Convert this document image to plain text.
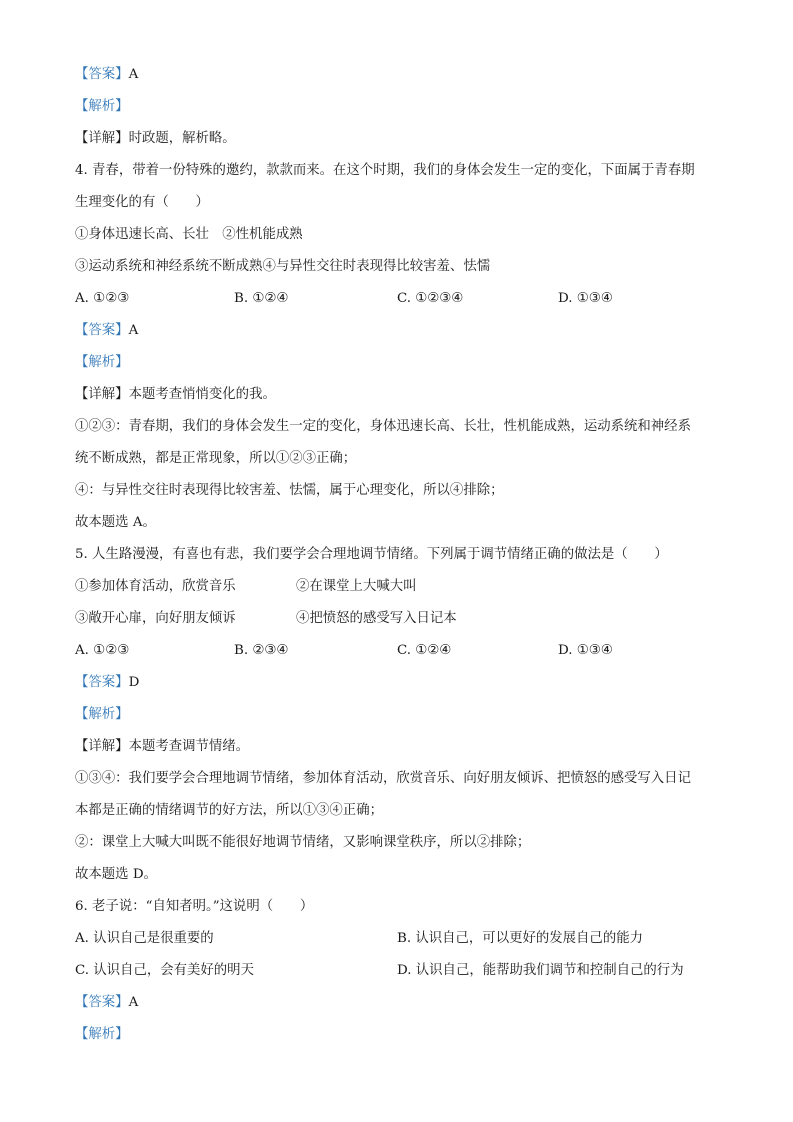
【答案】A
【解析】
【详解】时政题，解析略。
4. 青春，带着一份特殊的邀约，款款而来。在这个时期，我们的身体会发生一定的变化，下面属于青春期
生理变化的有（　　）
①身体迅速长高、长壮　②性机能成熟
③运动系统和神经系统不断成熟④与异性交往时表现得比较害羞、怯懦
A. ①②③	B. ①②④	C. ①②③④	D. ①③④
【答案】A
【解析】
【详解】本题考查悄悄变化的我。
①②③：青春期，我们的身体会发生一定的变化，身体迅速长高、长壮，性机能成熟，运动系统和神经系
统不断成熟，都是正常现象，所以①②③正确；
④：与异性交往时表现得比较害羞、怯懦，属于心理变化，所以④排除；
故本题选 A。
5. 人生路漫漫，有喜也有悲，我们要学会合理地调节情绪。下列属于调节情绪正确的做法是（　　）
①参加体育活动，欣赏音乐	②在课堂上大喊大叫
③敞开心扉，向好朋友倾诉	④把愤怒的感受写入日记本
A. ①②③	B. ②③④	C. ①②④	D. ①③④
【答案】D
【解析】
【详解】本题考查调节情绪。
①③④：我们要学会合理地调节情绪，参加体育活动，欣赏音乐、向好朋友倾诉、把愤怒的感受写入日记
本都是正确的情绪调节的好方法，所以①③④正确；
②：课堂上大喊大叫既不能很好地调节情绪，又影响课堂秩序，所以②排除；
故本题选 D。
6. 老子说：“自知者明。”这说明（　　）
A. 认识自己是很重要的	B. 认识自己，可以更好的发展自己的能力
C. 认识自己，会有美好的明天	D. 认识自己，能帮助我们调节和控制自己的行为
【答案】A
【解析】
